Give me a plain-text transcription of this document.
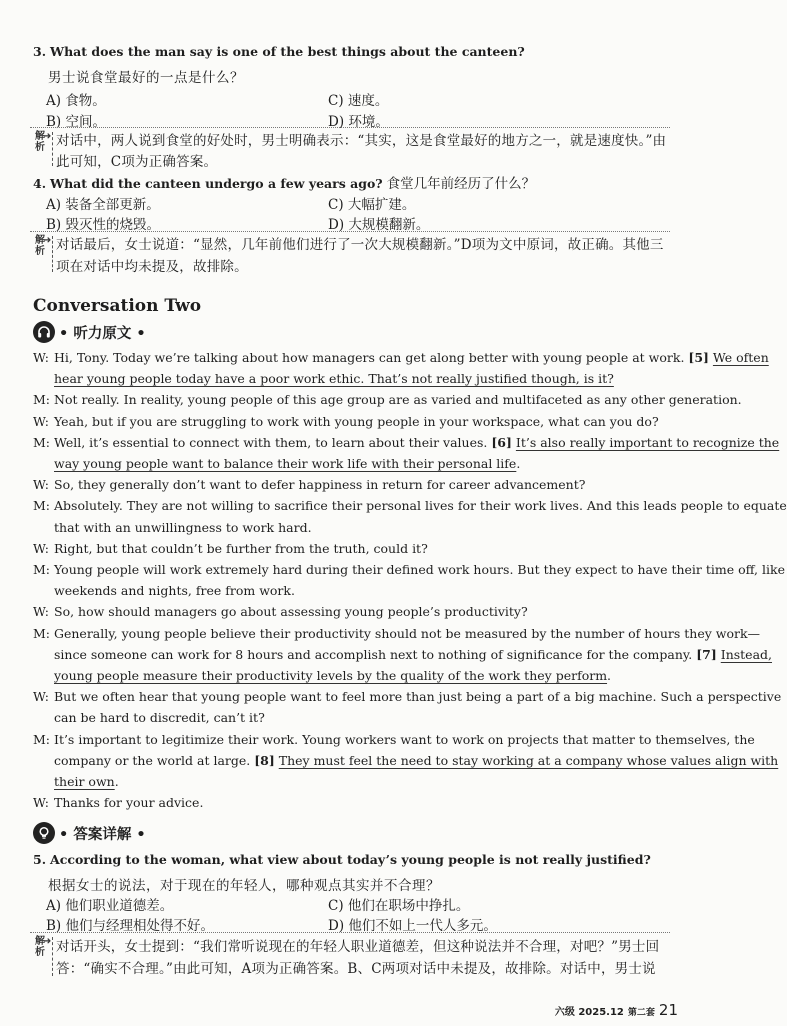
3. What does the man say is one of the best things about the canteen?
男士说食堂最好的一点是什么？
A) 食物。	C) 速度。
B) 空间。	D) 环境。
解
析
➜ 对话中，两人说到食堂的好处时，男士明确表示：“其实，这是食堂最好的地方之一，就是速度快。”由
此可知，C项为正确答案。
4. What did the canteen undergo a few years ago? 食堂几年前经历了什么？
A) 装备全部更新。	C) 大幅扩建。
B) 毁灭性的烧毁。	D) 大规模翻新。
解
析
➜ 对话最后，女士说道：“显然，几年前他们进行了一次大规模翻新。”D项为文中原词，故正确。其他三
项在对话中均未提及，故排除。
Conversation Two
• 听力原文 •
W: Hi, Tony. Today we’re talking about how managers can get along better with young people at work. [5] We often
hear young people today have a poor work ethic. That’s not really justified though, is it?
M: Not really. In reality, young people of this age group are as varied and multifaceted as any other generation.
W: Yeah, but if you are struggling to work with young people in your workspace, what can you do?
M: Well, it’s essential to connect with them, to learn about their values. [6] It’s also really important to recognize the
way young people want to balance their work life with their personal life.
W: So, they generally don’t want to defer happiness in return for career advancement?
M: Absolutely. They are not willing to sacrifice their personal lives for their work lives. And this leads people to equate
that with an unwillingness to work hard.
W: Right, but that couldn’t be further from the truth, could it?
M: Young people will work extremely hard during their defined work hours. But they expect to have their time off, like
weekends and nights, free from work.
W: So, how should managers go about assessing young people’s productivity?
M: Generally, young people believe their productivity should not be measured by the number of hours they work—
since someone can work for 8 hours and accomplish next to nothing of significance for the company. [7] Instead,
young people measure their productivity levels by the quality of the work they perform.
W: But we often hear that young people want to feel more than just being a part of a big machine. Such a perspective
can be hard to discredit, can’t it?
M: It’s important to legitimize their work. Young workers want to work on projects that matter to themselves, the
company or the world at large. [8] They must feel the need to stay working at a company whose values align with
their own.
W: Thanks for your advice.
• 答案详解 •
5. According to the woman, what view about today’s young people is not really justified?
根据女士的说法，对于现在的年轻人，哪种观点其实并不合理？
A) 他们职业道德差。	C) 他们在职场中挣扎。
B) 他们与经理相处得不好。	D) 他们不如上一代人多元。
解
析
➜ 对话开头，女士提到：“我们常听说现在的年轻人职业道德差，但这种说法并不合理，对吧？”男士回
答：“确实不合理。”由此可知，A项为正确答案。B、C两项对话中未提及，故排除。对话中，男士说
六级 2025.12 第二套 21
